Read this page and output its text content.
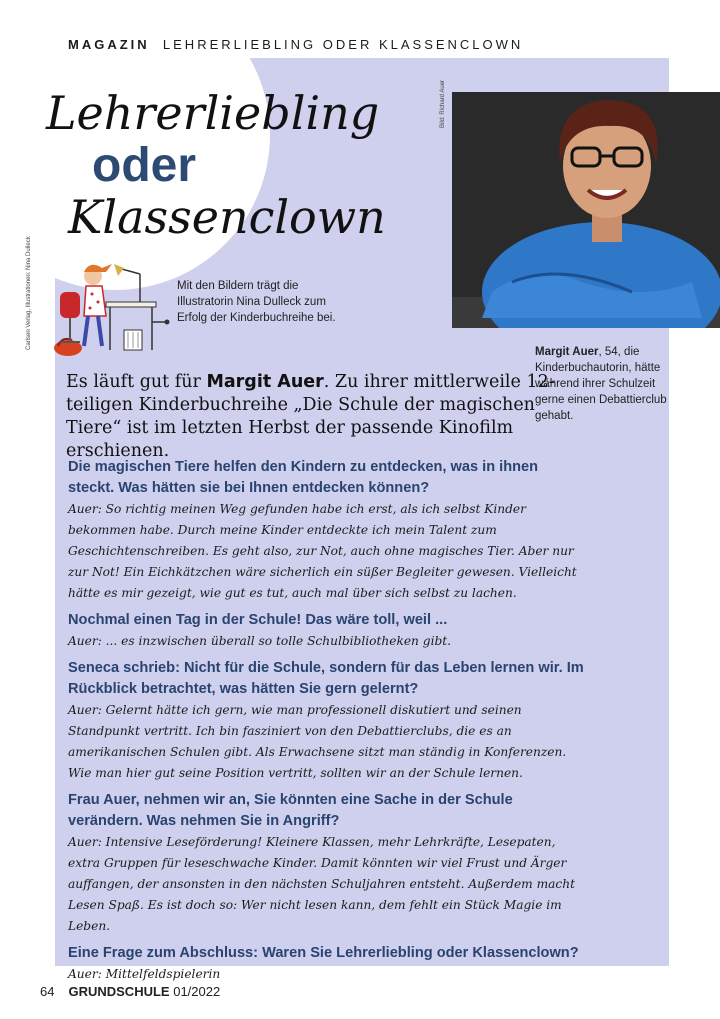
MAGAZIN LEHRERLIEBLING ODER KLASSENCLOWN
Lehrerliebling
oder
Klassenclown
Carlsen Verlag, Illustrationen: Nina Dulleck	Mit den Bildern trägt die Illustratorin Nina Dulleck zum Erfolg der Kinderbuchreihe bei.
Bild: Richard Auer
Margit Auer, 54, die Kinderbuchautorin, hätte während ihrer Schulzeit gerne einen Debattierclub gehabt.
Es läuft gut für Margit Auer. Zu ihrer mittlerweile 12-teiligen Kinderbuchreihe „Die Schule der magischen Tiere“ ist im letzten Herbst der passende Kinofilm erschienen.
Die magischen Tiere helfen den Kindern zu entdecken, was in ihnen steckt. Was hätten sie bei Ihnen entdecken können?
Auer: So richtig meinen Weg gefunden habe ich erst, als ich selbst Kinder bekommen habe. Durch meine Kinder entdeckte ich mein Talent zum Geschichtenschreiben. Es geht also, zur Not, auch ohne magisches Tier. Aber nur zur Not! Ein Eichkätzchen wäre sicherlich ein süßer Begleiter gewesen. Vielleicht hätte es mir gezeigt, wie gut es tut, auch mal über sich selbst zu lachen.
Nochmal einen Tag in der Schule! Das wäre toll, weil ...
Auer: ... es inzwischen überall so tolle Schulbibliotheken gibt.
Seneca schrieb: Nicht für die Schule, sondern für das Leben lernen wir. Im Rückblick betrachtet, was hätten Sie gern gelernt?
Auer: Gelernt hätte ich gern, wie man professionell diskutiert und seinen Standpunkt vertritt. Ich bin fasziniert von den Debattierclubs, die es an amerikanischen Schulen gibt. Als Erwachsene sitzt man ständig in Konferenzen. Wie man hier gut seine Position vertritt, sollten wir an der Schule lernen.
Frau Auer, nehmen wir an, Sie könnten eine Sache in der Schule verändern. Was nehmen Sie in Angriff?
Auer: Intensive Leseförderung! Kleinere Klassen, mehr Lehrkräfte, Lesepaten, extra Gruppen für leseschwache Kinder. Damit könnten wir viel Frust und Ärger auffangen, der ansonsten in den nächsten Schuljahren entsteht. Außerdem macht Lesen Spaß. Es ist doch so: Wer nicht lesen kann, dem fehlt ein Stück Magie im Leben.
Eine Frage zum Abschluss: Waren Sie Lehrerliebling oder Klassenclown?
Auer: Mittelfeldspielerin
64 GRUNDSCHULE 01/2022
